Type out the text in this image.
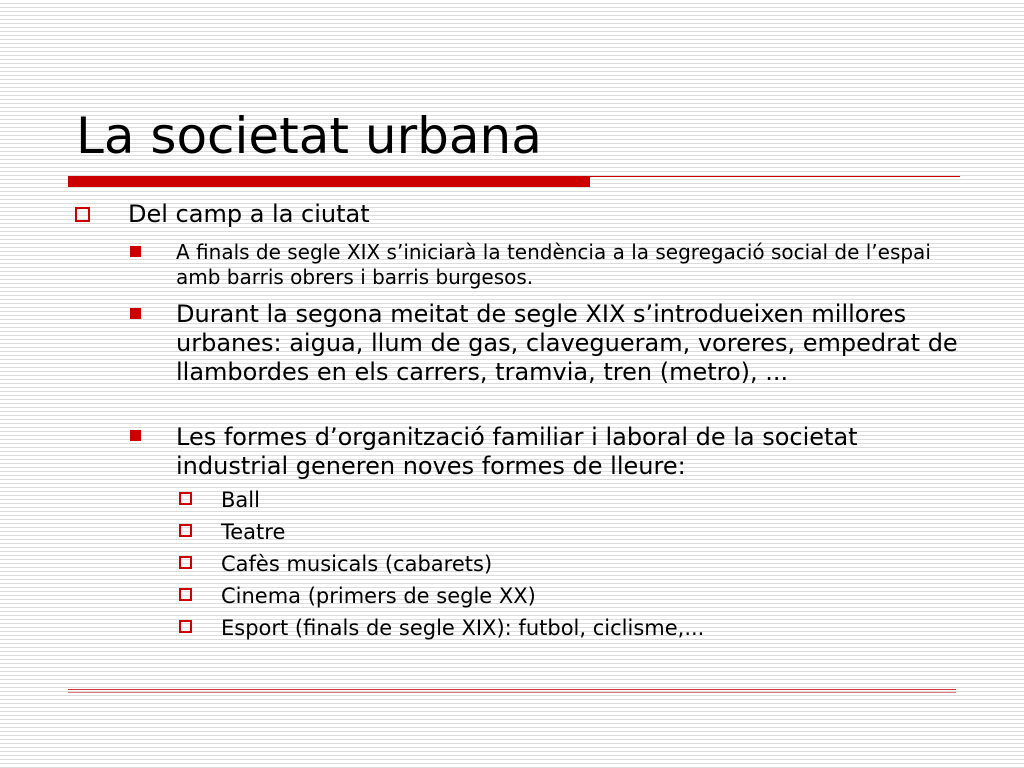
La societat urbana
Del camp a la ciutat
A finals de segle XIX s’iniciarà la tendència a la segregació social de l’espai amb barris obrers i barris burgesos.
Durant la segona meitat de segle XIX s’introdueixen millores urbanes: aigua, llum de gas, clavegueram, voreres, empedrat de llambordes en els carrers, tramvia, tren (metro), ...
Les formes d’organització familiar i laboral de la societat industrial generen noves formes de lleure:
Ball
Teatre
Cafès musicals (cabarets)
Cinema (primers de segle XX)
Esport (finals de segle XIX): futbol, ciclisme,...
